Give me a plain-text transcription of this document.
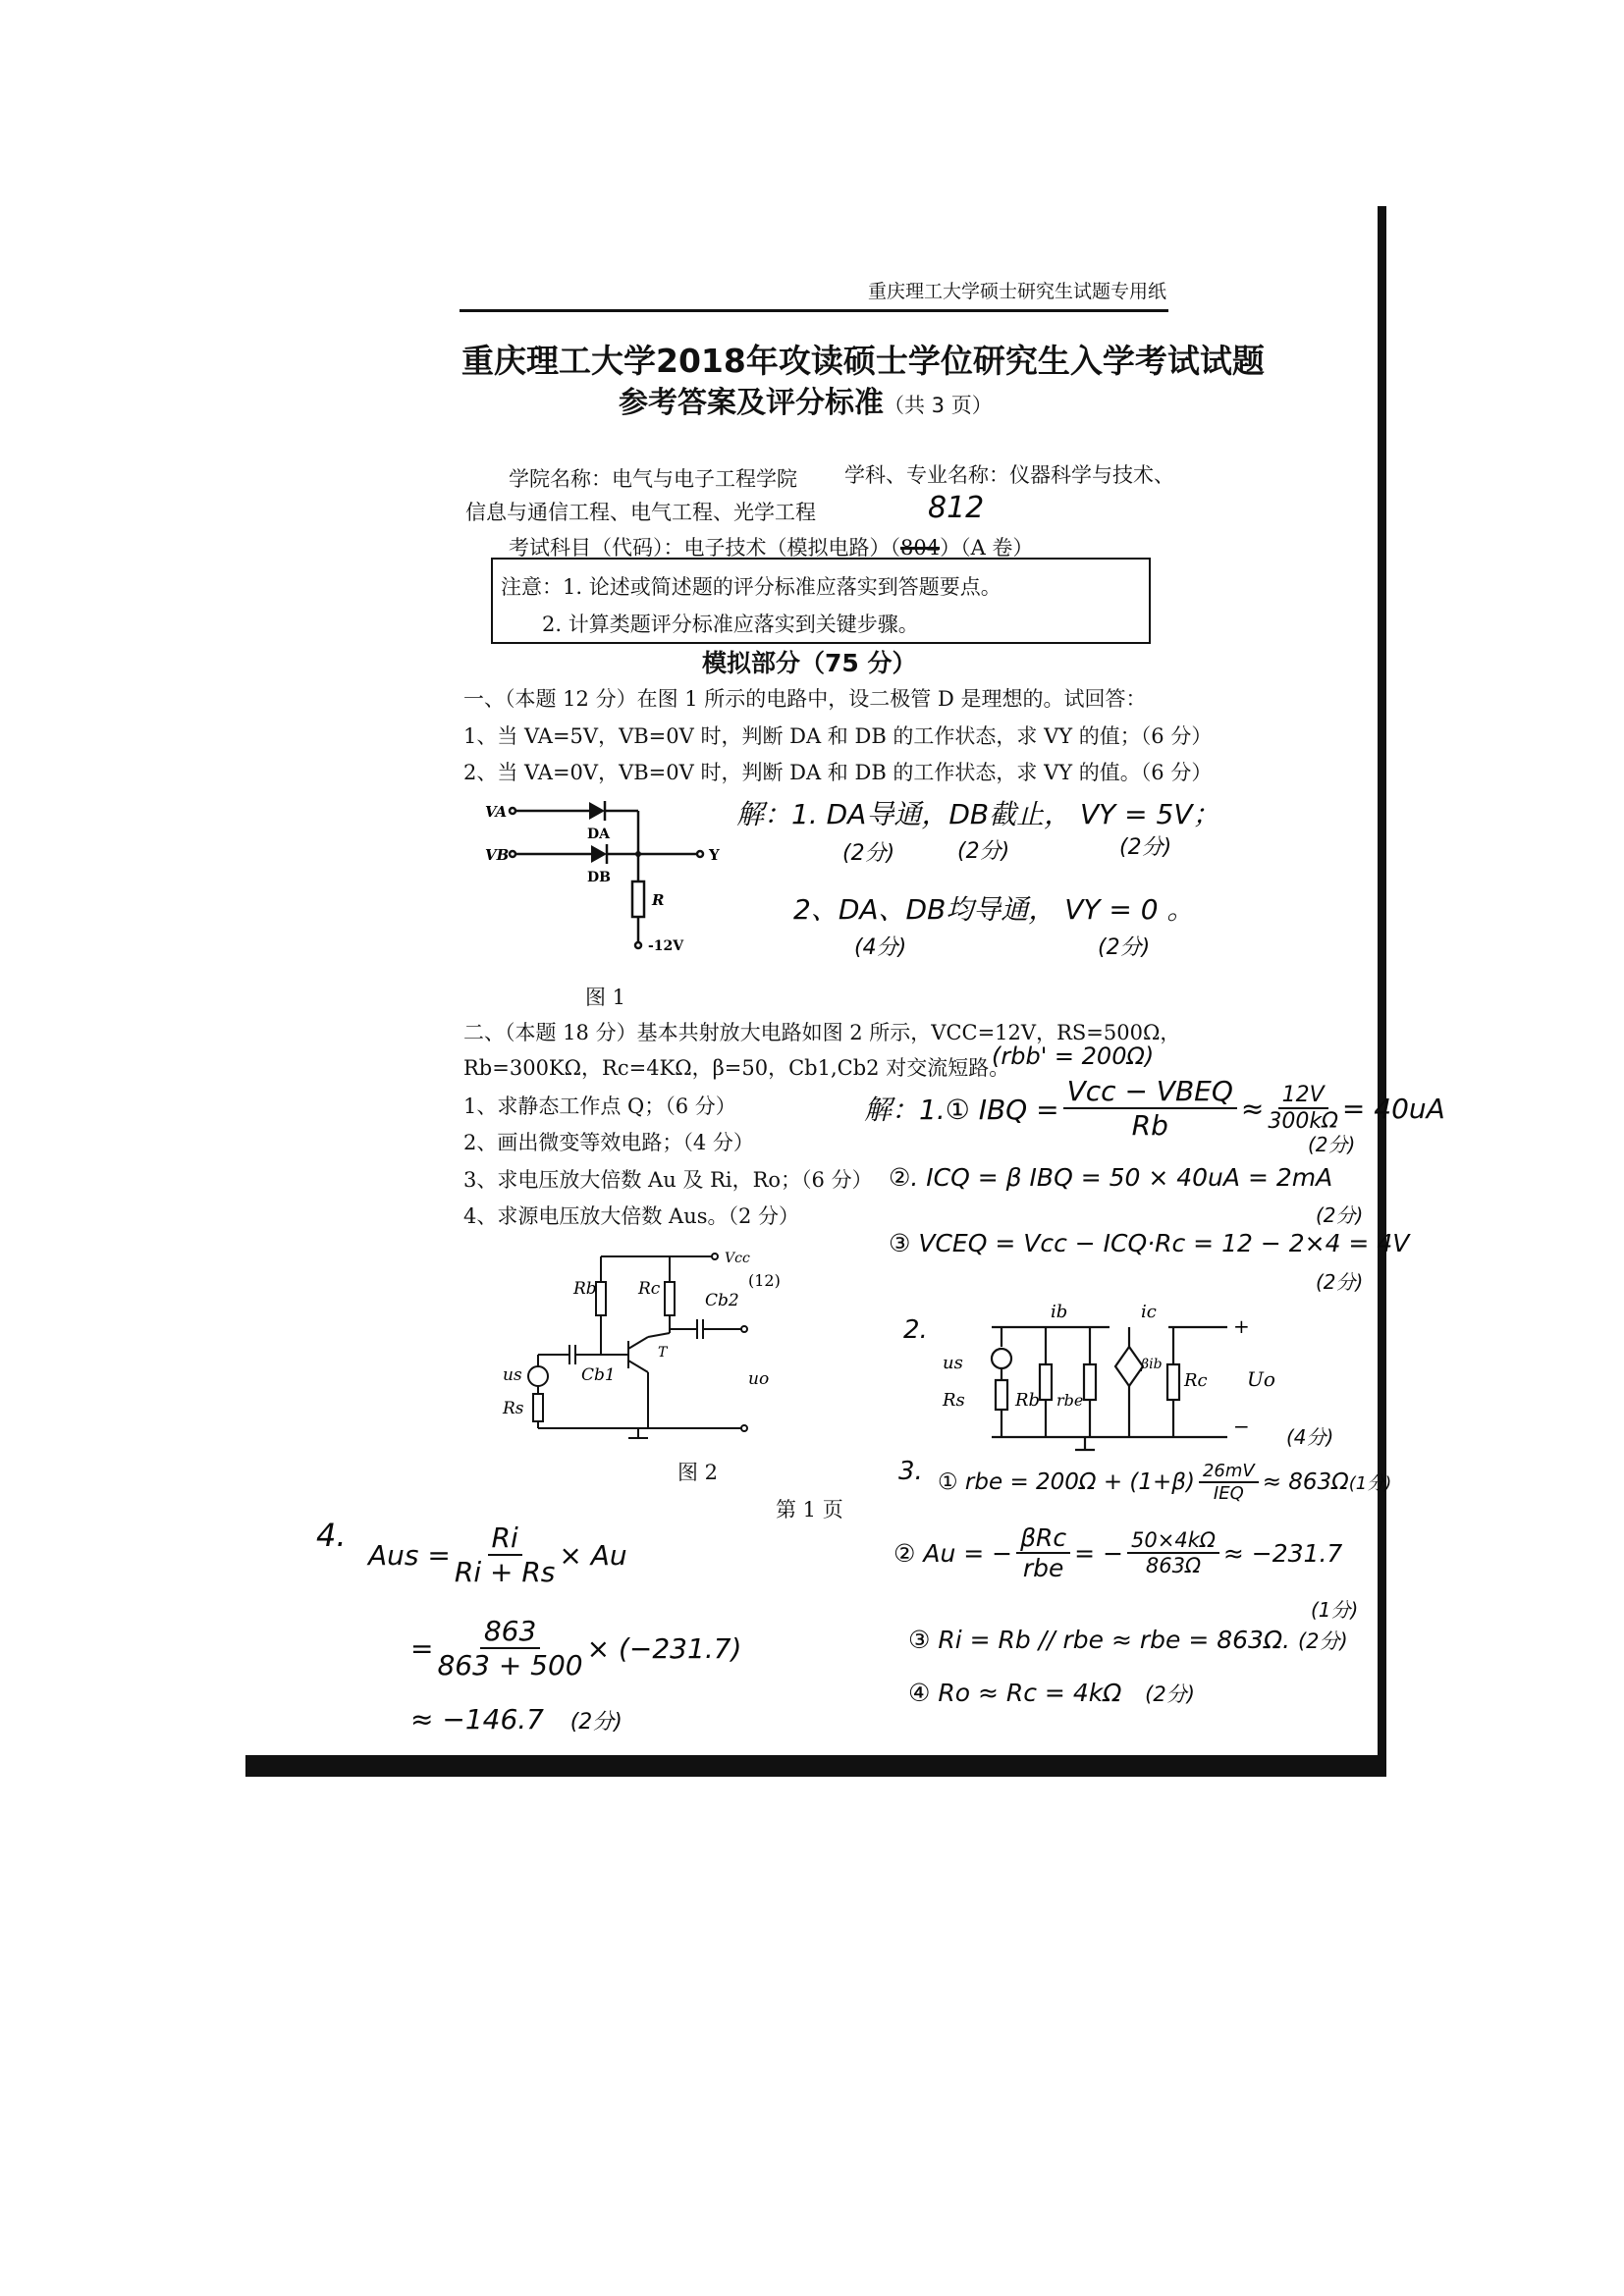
重庆理工大学硕士研究生试题专用纸
重庆理工大学2018年攻读硕士学位研究生入学考试试题
参考答案及评分标准（共 3 页）
学院名称：电气与电子工程学院 学科、专业名称：仪器科学与技术、
信息与通信工程、电气工程、光学工程	812
考试科目（代码）：电子技术（模拟电路）（804）（A 卷）
注意：1. 论述或简述题的评分标准应落实到答题要点。
2. 计算类题评分标准应落实到关键步骤。
模拟部分（75 分）
一、（本题 12 分）在图 1 所示的电路中，设二极管 D 是理想的。试回答：
1、当 VA=5V，VB=0V 时，判断 DA 和 DB 的工作状态，求 VY 的值；（6 分）
2、当 VA=0V，VB=0V 时，判断 DA 和 DB 的工作状态，求 VY 的值。（6 分）
VA
VB
DA
DB
Y
R
-12V
解：1. DA导通，DB截止， VY = 5V；
(2分)	(2分)	(2分)
2、DA、DB均导通， VY = 0 。
(4分)	(2分)
图 1
二、（本题 18 分）基本共射放大电路如图 2 所示，VCC=12V，RS=500Ω，
Rb=300KΩ，Rc=4KΩ，β=50，Cb1,Cb2 对交流短路。
(rbb' = 200Ω)
1、求静态工作点 Q；（6 分）
2、画出微变等效电路；（4 分）
3、求电压放大倍数 Au 及 Ri，Ro；（6 分）
4、求源电压放大倍数 Aus。（2 分）
Vcc
(12)
Rb Rc
Cb2
Cb1
T
us
Rs
uo
图 2
解：1.① IBQ = $\frac{\text{Vcc − VBEQ}}{Rb} \approx \frac{12V}{300k\Omega} = 40uA$
(2分)
②. ICQ = β IBQ = 50 × 40uA = 2mA
(2分)
③ VCEQ = Vcc − ICQ·Rc = 12 − 2×4 = 4V
(2分)
2.
us
Rs	Rb rbe
ib	ic
βib
Rc
+
−
Uo
(4分)
3. ① rbe = $200\Omega + (1+\beta) \frac{26mV}{\text{IEQ}} \approx 863\Omega$ (1分)
② Au = − $\frac{\text{βRc}}{\text{rbe}}$ = − $\frac{50\times 4k\Omega}{863\Omega} \approx -231.7$
(1分)
③ Ri = Rb // rbe ≈ rbe = 863Ω. (2分)
④ Ro ≈ Rc = 4kΩ (2分)
第 1 页
4.
Aus = $\frac{Ri}{Ri + Rs} \times Au$
= $\frac{863}{863 + 500} \times (-231.7)$
≈ −146.7 (2分)
